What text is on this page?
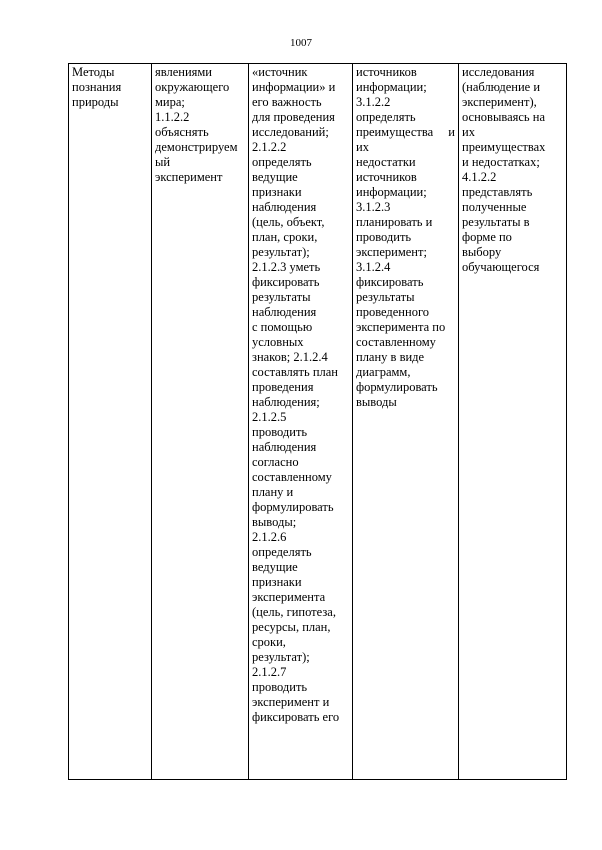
1007
Методы
познания
природы

явлениями
окружающего
мира;
1.1.2.2
объяснять
демонстрируем
ый
эксперимент

«источник
информации» и
его важность
для проведения
исследований;
2.1.2.2
определять
ведущие
признаки
наблюдения
(цель, объект,
план, сроки,
результат);
2.1.2.3 уметь
фиксировать
результаты
наблюдения
с помощью
условных
знаков; 2.1.2.4
составлять план
проведения
наблюдения;
2.1.2.5
проводить
наблюдения
согласно
составленному
плану и
формулировать
выводы;
2.1.2.6
определять
ведущие
признаки
эксперимента
(цель, гипотеза,
ресурсы, план,
сроки,
результат);
2.1.2.7
проводить
эксперимент и
фиксировать его

источников
информации;
3.1.2.2
определять
преимущества и их
недостатки
источников
информации;
3.1.2.3
планировать и
проводить
эксперимент;
3.1.2.4
фиксировать
результаты
проведенного
эксперимента по
составленному
плану в виде
диаграмм,
формулировать
выводы

исследования
(наблюдение и
эксперимент),
основываясь на
их
преимуществах
и недостатках;
4.1.2.2
представлять
полученные
результаты в
форме по
выбору
обучающегося
